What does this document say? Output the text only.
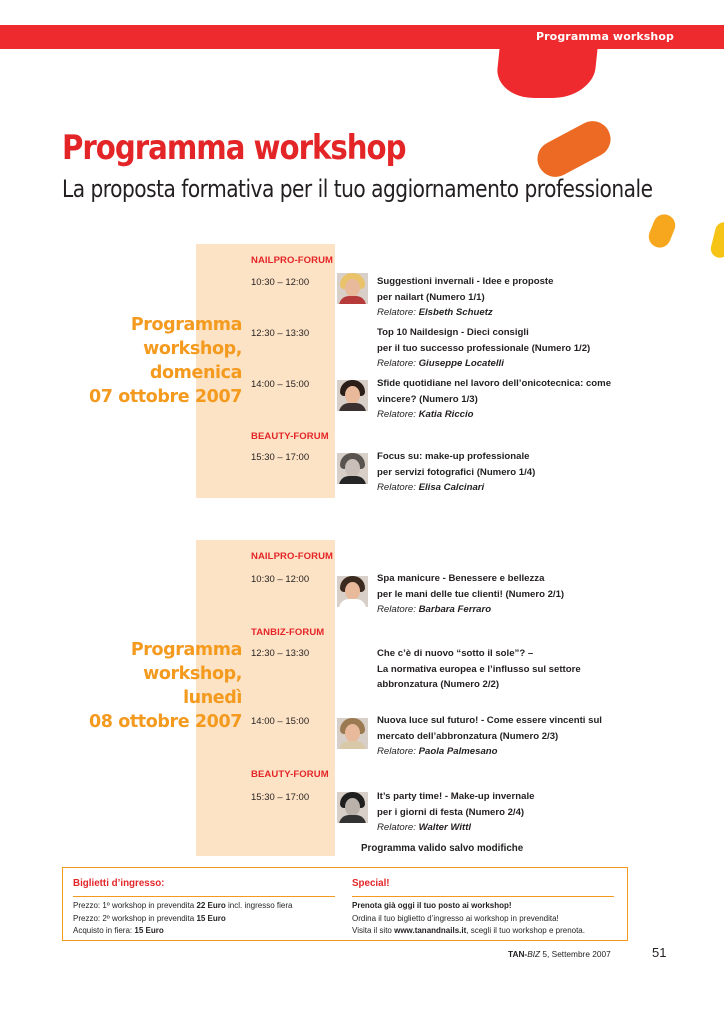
Programma workshop
Programma workshop
La proposta formativa per il tuo aggiornamento professionale
Programma
workshop,
domenica
07 ottobre 2007
NAILPRO-FORUM
10:30 – 12:00	Suggestioni invernali - Idee e proposte
per nailart (Numero 1/1)
Relatore: Elsbeth Schuetz
12:30 – 13:30	Top 10 Naildesign - Dieci consigli
per il tuo successo professionale (Numero 1/2)
Relatore: Giuseppe Locatelli
14:00 – 15:00	Sfide quotidiane nel lavoro dell’onicotecnica: come
vincere? (Numero 1/3)
Relatore: Katia Riccio
BEAUTY-FORUM
15:30 – 17:00	Focus su: make-up professionale
per servizi fotografici (Numero 1/4)
Relatore: Elisa Calcinari
Programma
workshop,
lunedì
08 ottobre 2007
NAILPRO-FORUM
10:30 – 12:00	Spa manicure - Benessere e bellezza
per le mani delle tue clienti! (Numero 2/1)
Relatore: Barbara Ferraro
TANBIZ-FORUM
12:30 – 13:30	Che c’è di nuovo “sotto il sole”? –
La normativa europea e l’influsso sul settore
abbronzatura (Numero 2/2)
14:00 – 15:00	Nuova luce sul futuro! - Come essere vincenti sul
mercato dell’abbronzatura (Numero 2/3)
Relatore: Paola Palmesano
BEAUTY-FORUM
15:30 – 17:00	It’s party time! - Make-up invernale
per i giorni di festa (Numero 2/4)
Relatore: Walter Wittl
Programma valido salvo modifiche
Biglietti d’ingresso:
Prezzo: 1º workshop in prevendita 22 Euro incl. ingresso fiera
Prezzo: 2º workshop in prevendita 15 Euro
Acquisto in fiera: 15 Euro
Special!
Prenota già oggi il tuo posto ai workshop!
Ordina il tuo biglietto d’ingresso ai workshop in prevendita!
Visita il sito www.tanandnails.it, scegli il tuo workshop e prenota.
TAN-BIZ 5, Settembre 2007	51
